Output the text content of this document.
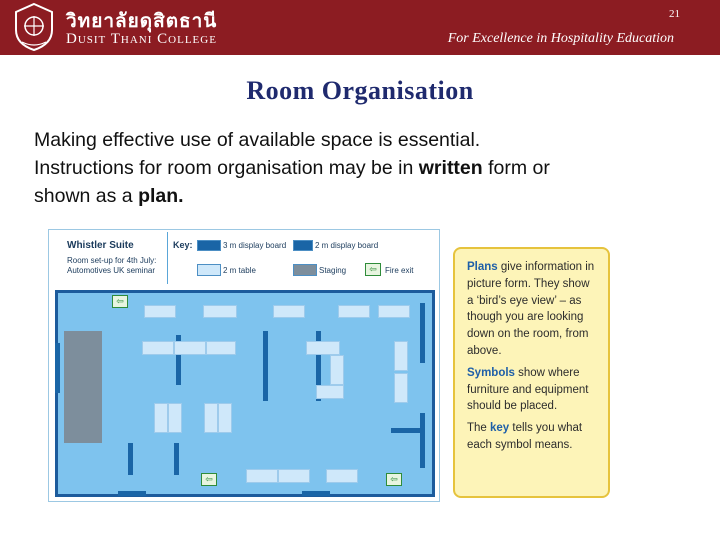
วิทยาลัยดุสิตธานี
Dusit Thani College
21
For Excellence in Hospitality Education
Room Organisation
Making effective use of available space is essential.
Instructions for room organisation may be in written form or
shown as a plan.
Whistler Suite
Room set-up for 4th July:
Automotives UK seminar
Key:	3 m display board	2 m display board
2 m table	Staging	⇦	Fire exit
⇦
⇦	⇦

Plans give information in picture form. They show a ‘bird’s eye view’ – as though you are looking down on the room, from above.

Symbols show where furniture and equipment should be placed.

The key tells you what each symbol means.
